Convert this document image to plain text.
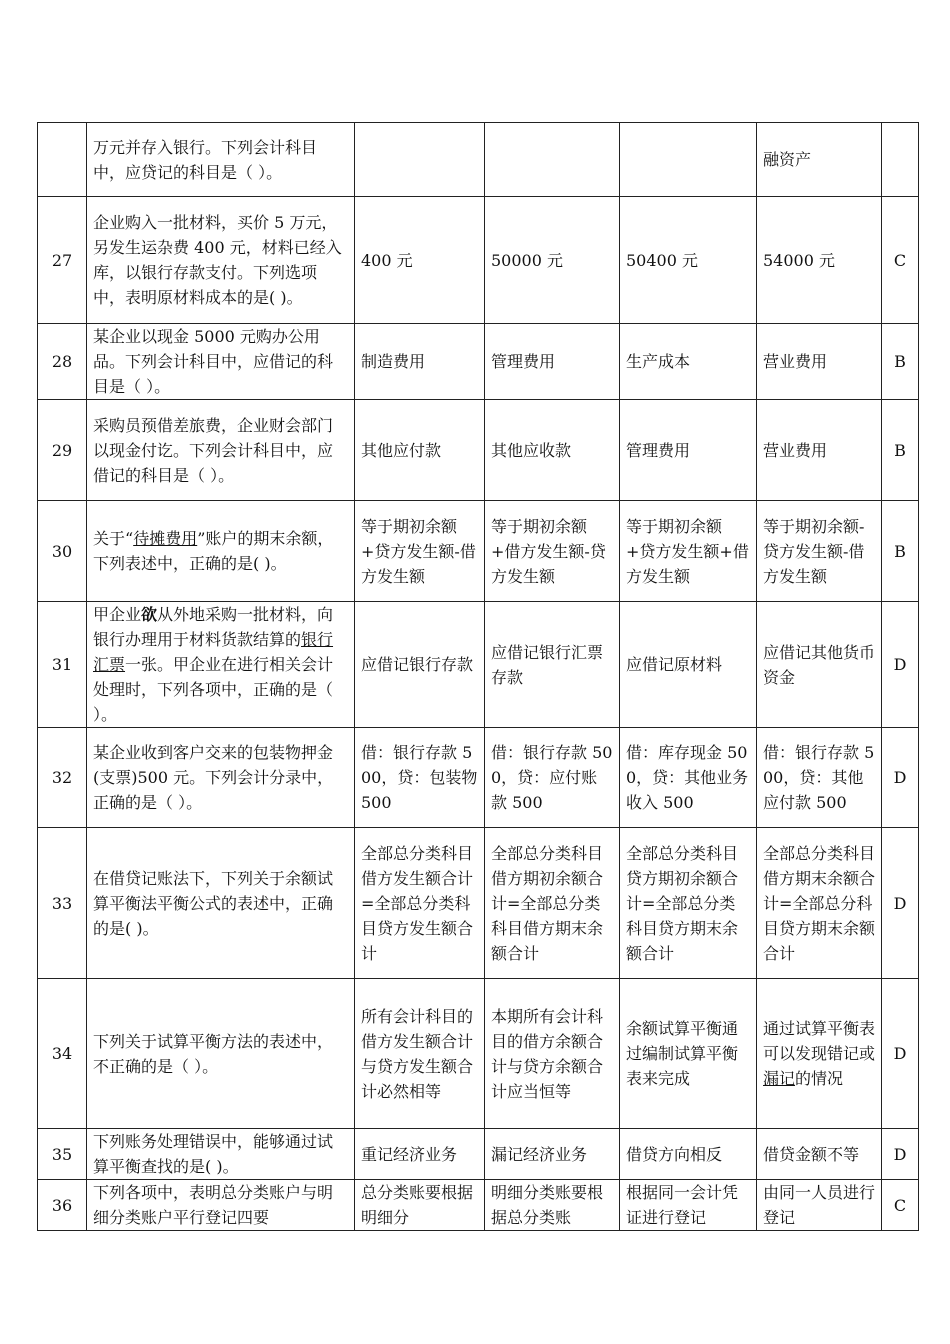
	万元并存入银行。下列会计科目中，应贷记的科目是（ ）。				融资产	
27	企业购入一批材料，买价 5 万元，另发生运杂费 400 元，材料已经入库，以银行存款支付。下列选项中，表明原材料成本的是( )。	400 元	50000 元	50400 元	54000 元	C
28	某企业以现金 5000 元购办公用品。下列会计科目中，应借记的科目是（ ）。	制造费用	管理费用	生产成本	营业费用	B
29	采购员预借差旅费，企业财会部门以现金付讫。下列会计科目中，应借记的科目是（ ）。	其他应付款	其他应收款	管理费用	营业费用	B
30	关于“待摊费用”账户的期末余额，下列表述中，正确的是( )。	等于期初余额+贷方发生额-借方发生额	等于期初余额+借方发生额-贷方发生额	等于期初余额+贷方发生额+借方发生额	等于期初余额-贷方发生额-借方发生额	B
31	甲企业欲从外地采购一批材料，向银行办理用于材料货款结算的银行汇票一张。甲企业在进行相关会计处理时，下列各项中，正确的是（ ）。	应借记银行存款	应借记银行汇票存款	应借记原材料	应借记其他货币资金	D
32	某企业收到客户交来的包装物押金 (支票)500 元。下列会计分录中，正确的是（ ）。	借：银行存款 500，贷：包装物 500	借：银行存款 500，贷：应付账款 500	借：库存现金 500，贷：其他业务收入 500	借：银行存款 500，贷：其他应付款 500	D
33	在借贷记账法下，下列关于余额试算平衡法平衡公式的表述中，正确的是( )。	全部总分类科目借方发生额合计=全部总分类科目贷方发生额合计	全部总分类科目借方期初余额合计=全部总分类科目借方期末余额合计	全部总分类科目贷方期初余额合计=全部总分类科目贷方期末余额合计	全部总分类科目借方期末余额合计=全部总分科目贷方期末余额合计	D
34	下列关于试算平衡方法的表述中，不正确的是（ ）。	所有会计科目的借方发生额合计与贷方发生额合计必然相等	本期所有会计科目的借方余额合计与贷方余额合计应当恒等	余额试算平衡通过编制试算平衡表来完成	通过试算平衡表可以发现错记或漏记的情况	D
35	下列账务处理错误中，能够通过试算平衡查找的是( )。	重记经济业务	漏记经济业务	借贷方向相反	借贷金额不等	D
36	下列各项中，表明总分类账户与明细分类账户平行登记四要	总分类账要根据明细分	明细分类账要根据总分类账	根据同一会计凭证进行登记	由同一人员进行登记	C
